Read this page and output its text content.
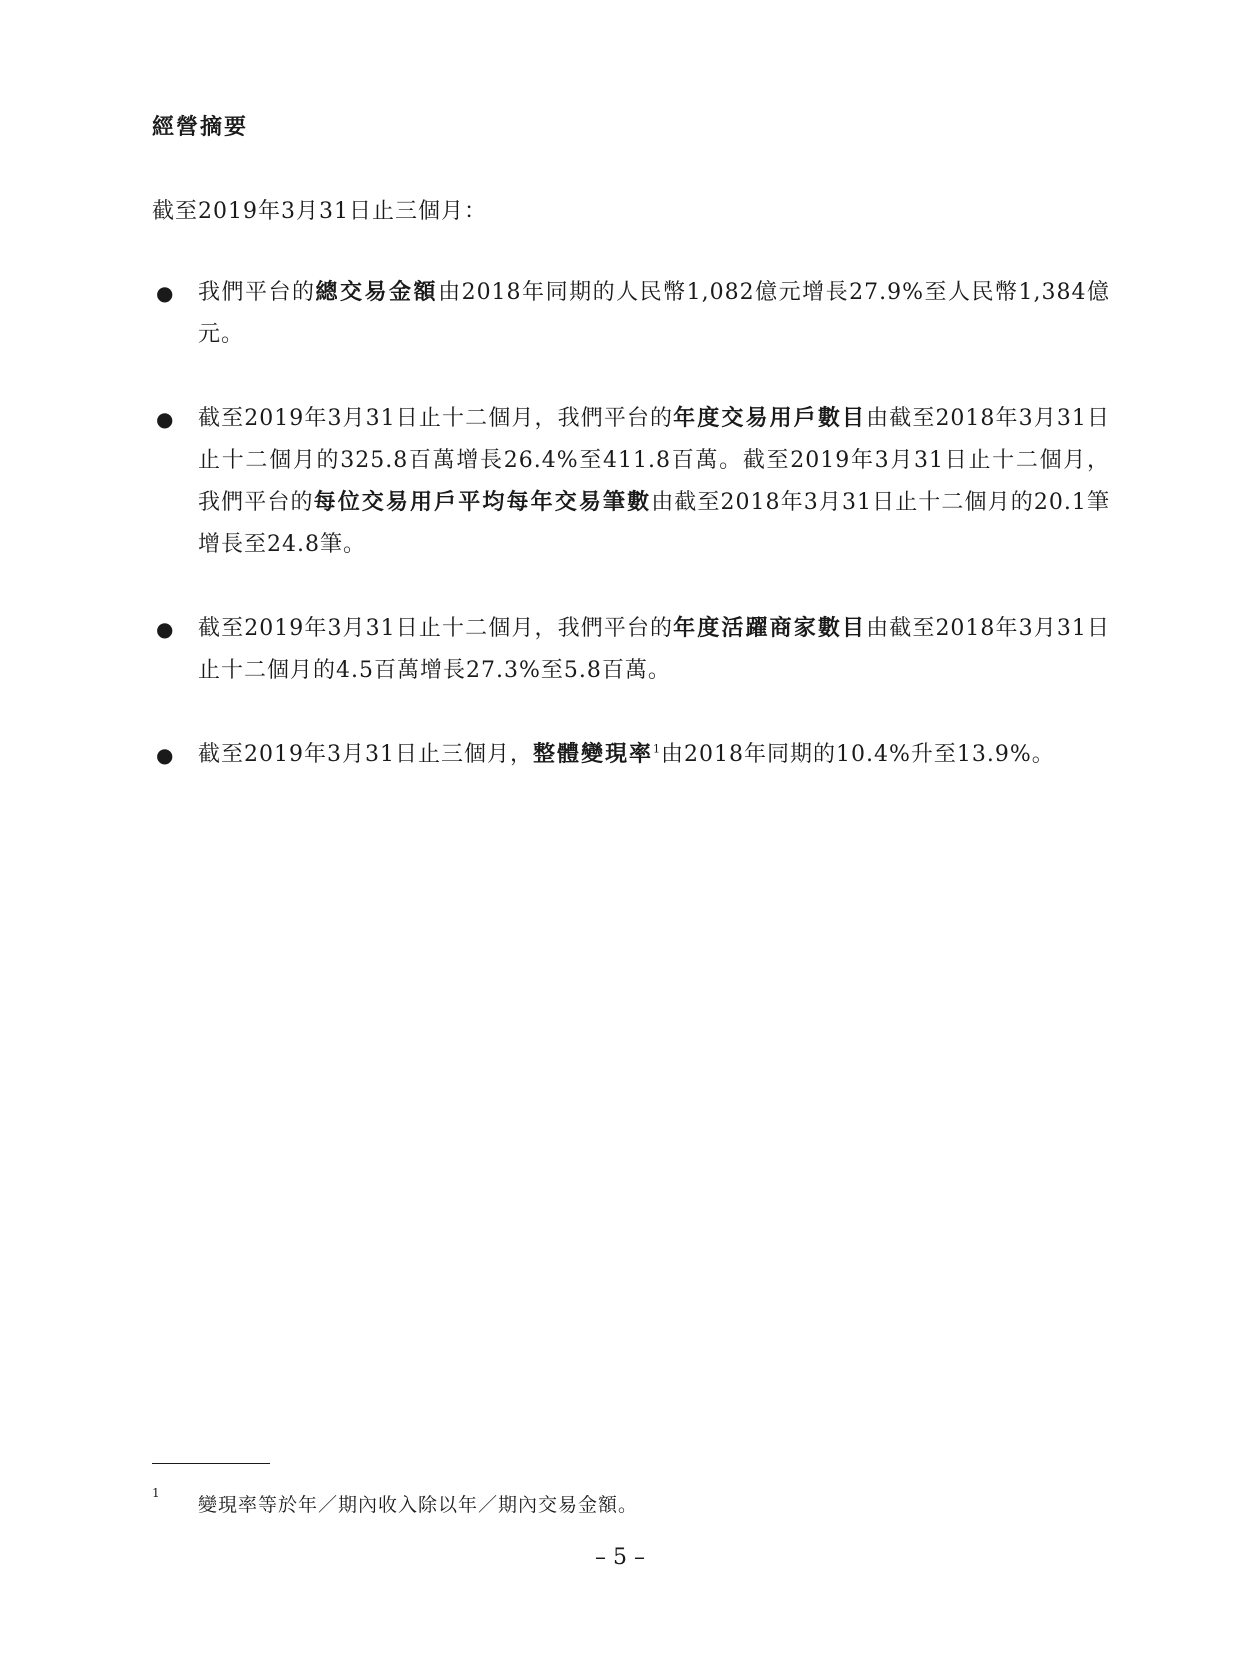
經營摘要

截至2019年3月31日止三個月：

● 我們平台的總交易金額由2018年同期的人民幣1,082億元增長27.9%至人民幣1,384億元。
● 截至2019年3月31日止十二個月，我們平台的年度交易用戶數目由截至2018年3月31日止十二個月的325.8百萬增長26.4%至411.8百萬。截至2019年3月31日止十二個月，我們平台的每位交易用戶平均每年交易筆數由截至2018年3月31日止十二個月的20.1筆增長至24.8筆。
● 截至2019年3月31日止十二個月，我們平台的年度活躍商家數目由截至2018年3月31日止十二個月的4.5百萬增長27.3%至5.8百萬。
● 截至2019年3月31日止三個月，整體變現率$^1$由2018年同期的10.4%升至13.9%。
1
變現率等於年／期內收入除以年／期內交易金額。
– 5 –
